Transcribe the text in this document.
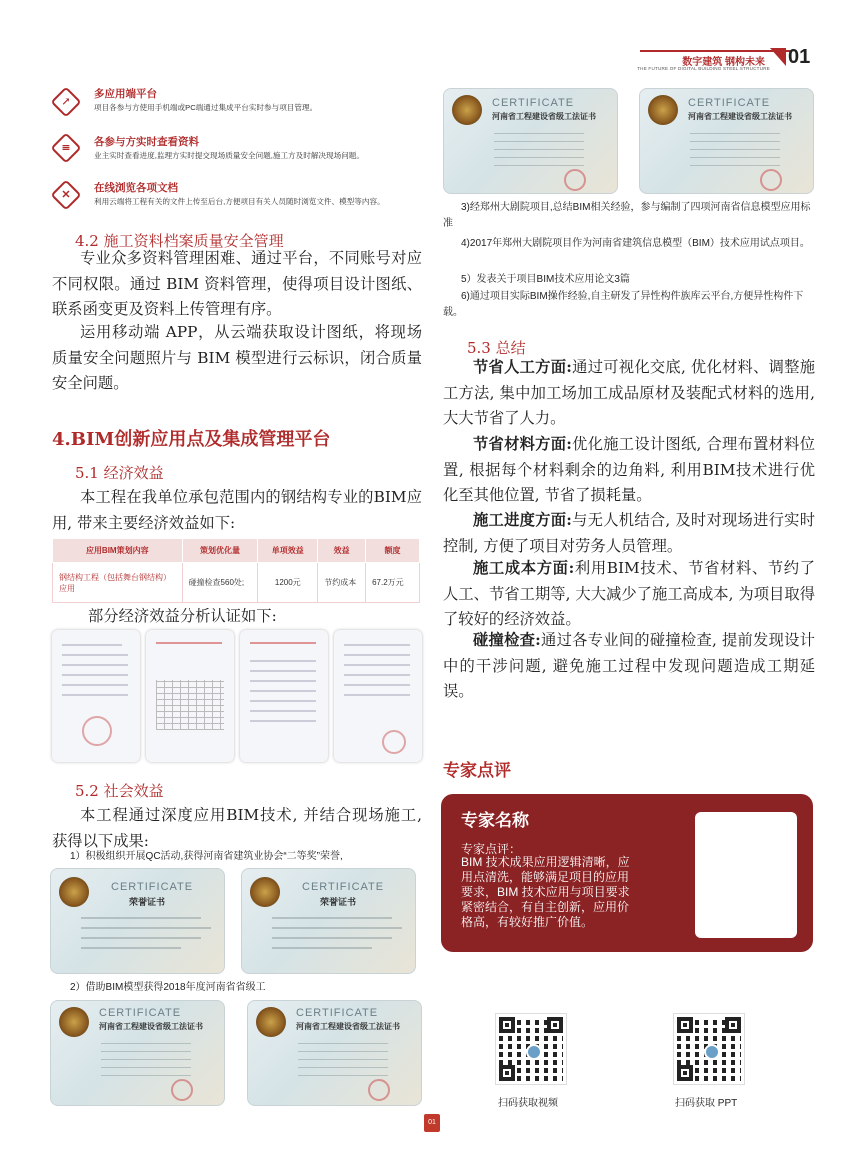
数字建筑 钢构未来
THE FUTURE OF DIGITAL BUILDING STEEL STRUCTURE
01
↗
多应用端平台
项目各参与方使用手机端或PC端通过集成平台实时参与项目管理。
≡	各参与方实时查看资料
业主实时查看进度,监理方实时提交现场质量安全问题,施工方及时解决现场问题。
✕	在线浏览各项文档
利用云端将工程有关的文件上传至后台,方便项目有关人员随时浏览文件、模型等内容。
4.2 施工资料档案质量安全管理
专业众多资料管理困难、通过平台，不同账号对应不同权限。通过 BIM 资料管理，使得项目设计图纸、联系函变更及资料上传管理有序。
运用移动端 APP，从云端获取设计图纸，将现场质量安全问题照片与 BIM 模型进行云标识，闭合质量安全问题。
4.BIM创新应用点及集成管理平台
5.1 经济效益
本工程在我单位承包范围内的钢结构专业的BIM应用, 带来主要经济效益如下:
应用BIM策划内容	策划优化量	单项效益	效益	额度
钢结构工程（包括舞台钢结构）应用	碰撞检查560处;	1200元	节约成本	67.2万元
部分经济效益分析认证如下:
5.2 社会效益
本工程通过深度应用BIM技术, 并结合现场施工, 获得以下成果:
1）积极组织开展QC活动,获得河南省建筑业协会“二等奖”荣誉,
CERTIFICATE
荣誉证书
CERTIFICATE
荣誉证书
2）借助BIM模型获得2018年度河南省省级工
CERTIFICATE
河南省工程建设省级工法证书
CERTIFICATE
河南省工程建设省级工法证书
CERTIFICATE
河南省工程建设省级工法证书
CERTIFICATE
河南省工程建设省级工法证书
3)经郑州大剧院项目,总结BIM相关经验，参与编制了四项河南省信息模型应用标准
4)2017年郑州大剧院项目作为河南省建筑信息模型（BIM）技术应用试点项目。
5）发表关于项目BIM技术应用论文3篇
6)通过项目实际BIM操作经验,自主研发了异性构件族库云平台,方便异性构件下载。
5.3 总结
节省人工方面:通过可视化交底, 优化材料、调整施工方法, 集中加工场加工成品原材及装配式材料的选用, 大大节省了人力。
节省材料方面:优化施工设计图纸, 合理布置材料位置, 根据每个材料剩余的边角料, 利用BIM技术进行优化至其他位置, 节省了损耗量。
施工进度方面:与无人机结合, 及时对现场进行实时控制, 方便了项目对劳务人员管理。
施工成本方面:利用BIM技术、节省材料、节约了人工、节省工期等, 大大减少了施工高成本, 为项目取得了较好的经济效益。
碰撞检查:通过各专业间的碰撞检查, 提前发现设计中的干涉问题, 避免施工过程中发现问题造成工期延误。
专家点评
专家名称
专家点评：
BIM 技术成果应用逻辑清晰，应
用点清洗，能够满足项目的应用
要求，BIM 技术应用与项目要求
紧密结合，有自主创新，应用价
格高，有较好推广价值。
扫码获取视频	扫码获取 PPT
01
